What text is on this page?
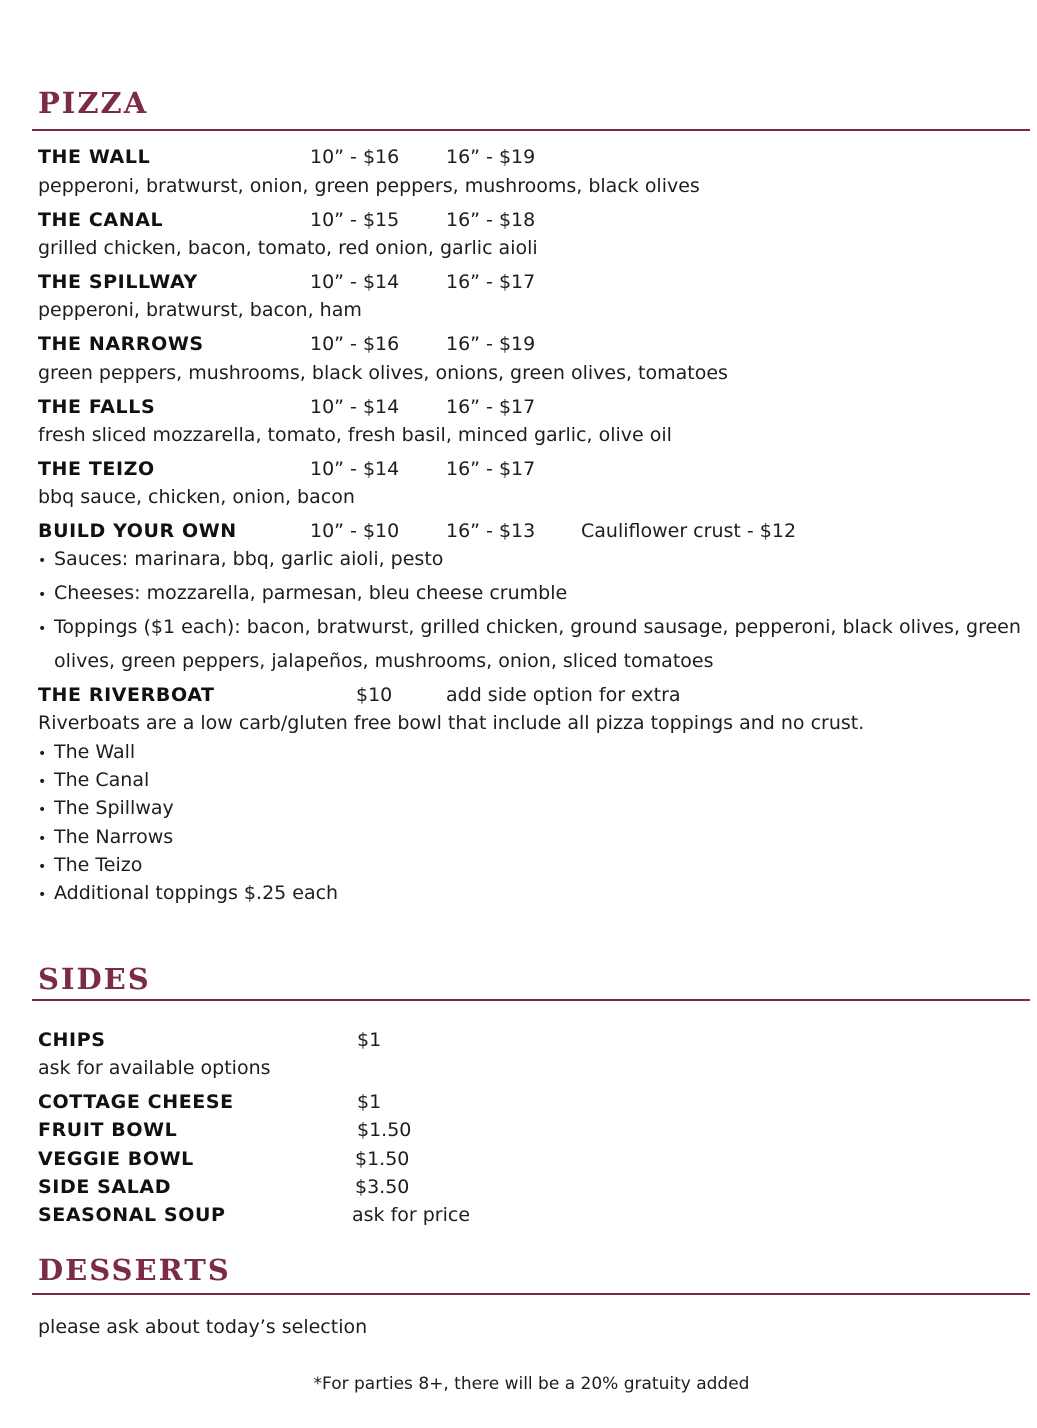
PIZZA
THE WALL	10” - $16 16” - $19
pepperoni, bratwurst, onion, green peppers, mushrooms, black olives
THE CANAL	10” - $15 16” - $18
grilled chicken, bacon, tomato, red onion, garlic aioli
THE SPILLWAY	10” - $14 16” - $17
pepperoni, bratwurst, bacon, ham
THE NARROWS	10” - $16 16” - $19
green peppers, mushrooms, black olives, onions, green olives, tomatoes
THE FALLS	10” - $14 16” - $17
fresh sliced mozzarella, tomato, fresh basil, minced garlic, olive oil
THE TEIZO	10” - $14 16” - $17
bbq sauce, chicken, onion, bacon
BUILD YOUR OWN	10” - $10 16” - $13 Cauliflower crust - $12
• Sauces: marinara, bbq, garlic aioli, pesto
• Cheeses: mozzarella, parmesan, bleu cheese crumble
• Toppings ($1 each): bacon, bratwurst, grilled chicken, ground sausage, pepperoni, black olives, green
olives, green peppers, jalapeños, mushrooms, onion, sliced tomatoes
THE RIVERBOAT	$10	add side option for extra
Riverboats are a low carb/gluten free bowl that include all pizza toppings and no crust.
• The Wall
• The Canal
• The Spillway
• The Narrows
• The Teizo
• Additional toppings $.25 each
SIDES
CHIPS	$1
ask for available options
COTTAGE CHEESE	$1
FRUIT BOWL	$1.50
VEGGIE BOWL	$1.50
SIDE SALAD	$3.50
SEASONAL SOUP	ask for price
DESSERTS
please ask about today’s selection
*For parties 8+, there will be a 20% gratuity added
